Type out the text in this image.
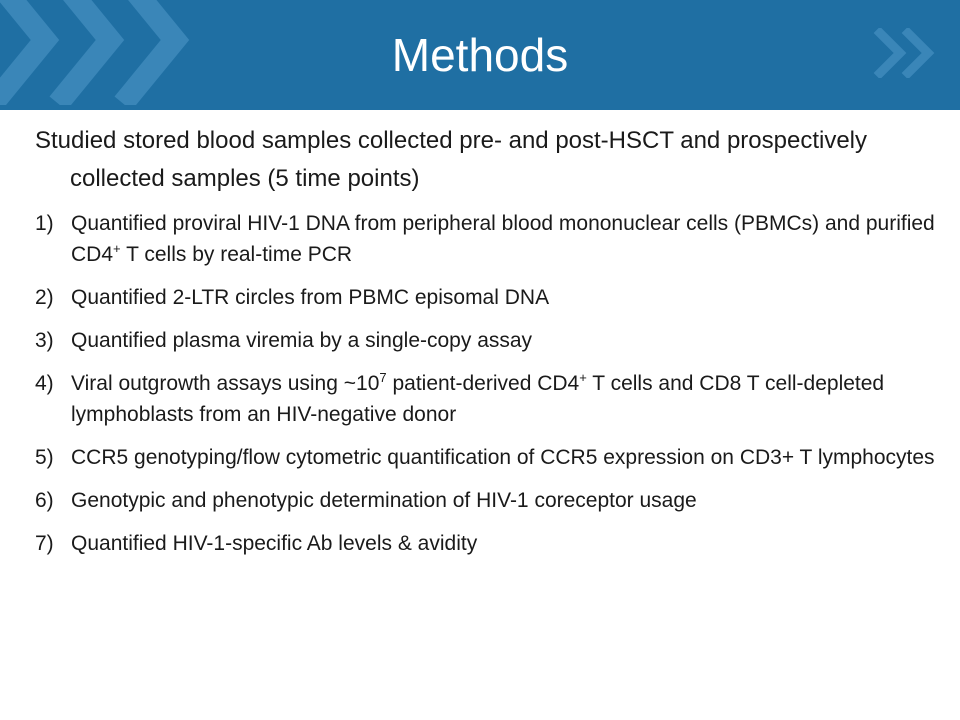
Methods

Studied stored blood samples collected pre- and post-HSCT and prospectively collected samples (5 time points)

1) Quantified proviral HIV-1 DNA from peripheral blood mononuclear cells (PBMCs) and purified CD4+ T cells by real-time PCR
2) Quantified 2-LTR circles from PBMC episomal DNA
3) Quantified plasma viremia by a single-copy assay
4) Viral outgrowth assays using $\sim 10^7$ patient-derived CD4+ T cells and CD8 T cell-depleted lymphoblasts from an HIV-negative donor
5) CCR5 genotyping/flow cytometric quantification of CCR5 expression on CD3+ T lymphocytes
6) Genotypic and phenotypic determination of HIV-1 coreceptor usage
7) Quantified HIV-1-specific Ab levels & avidity
